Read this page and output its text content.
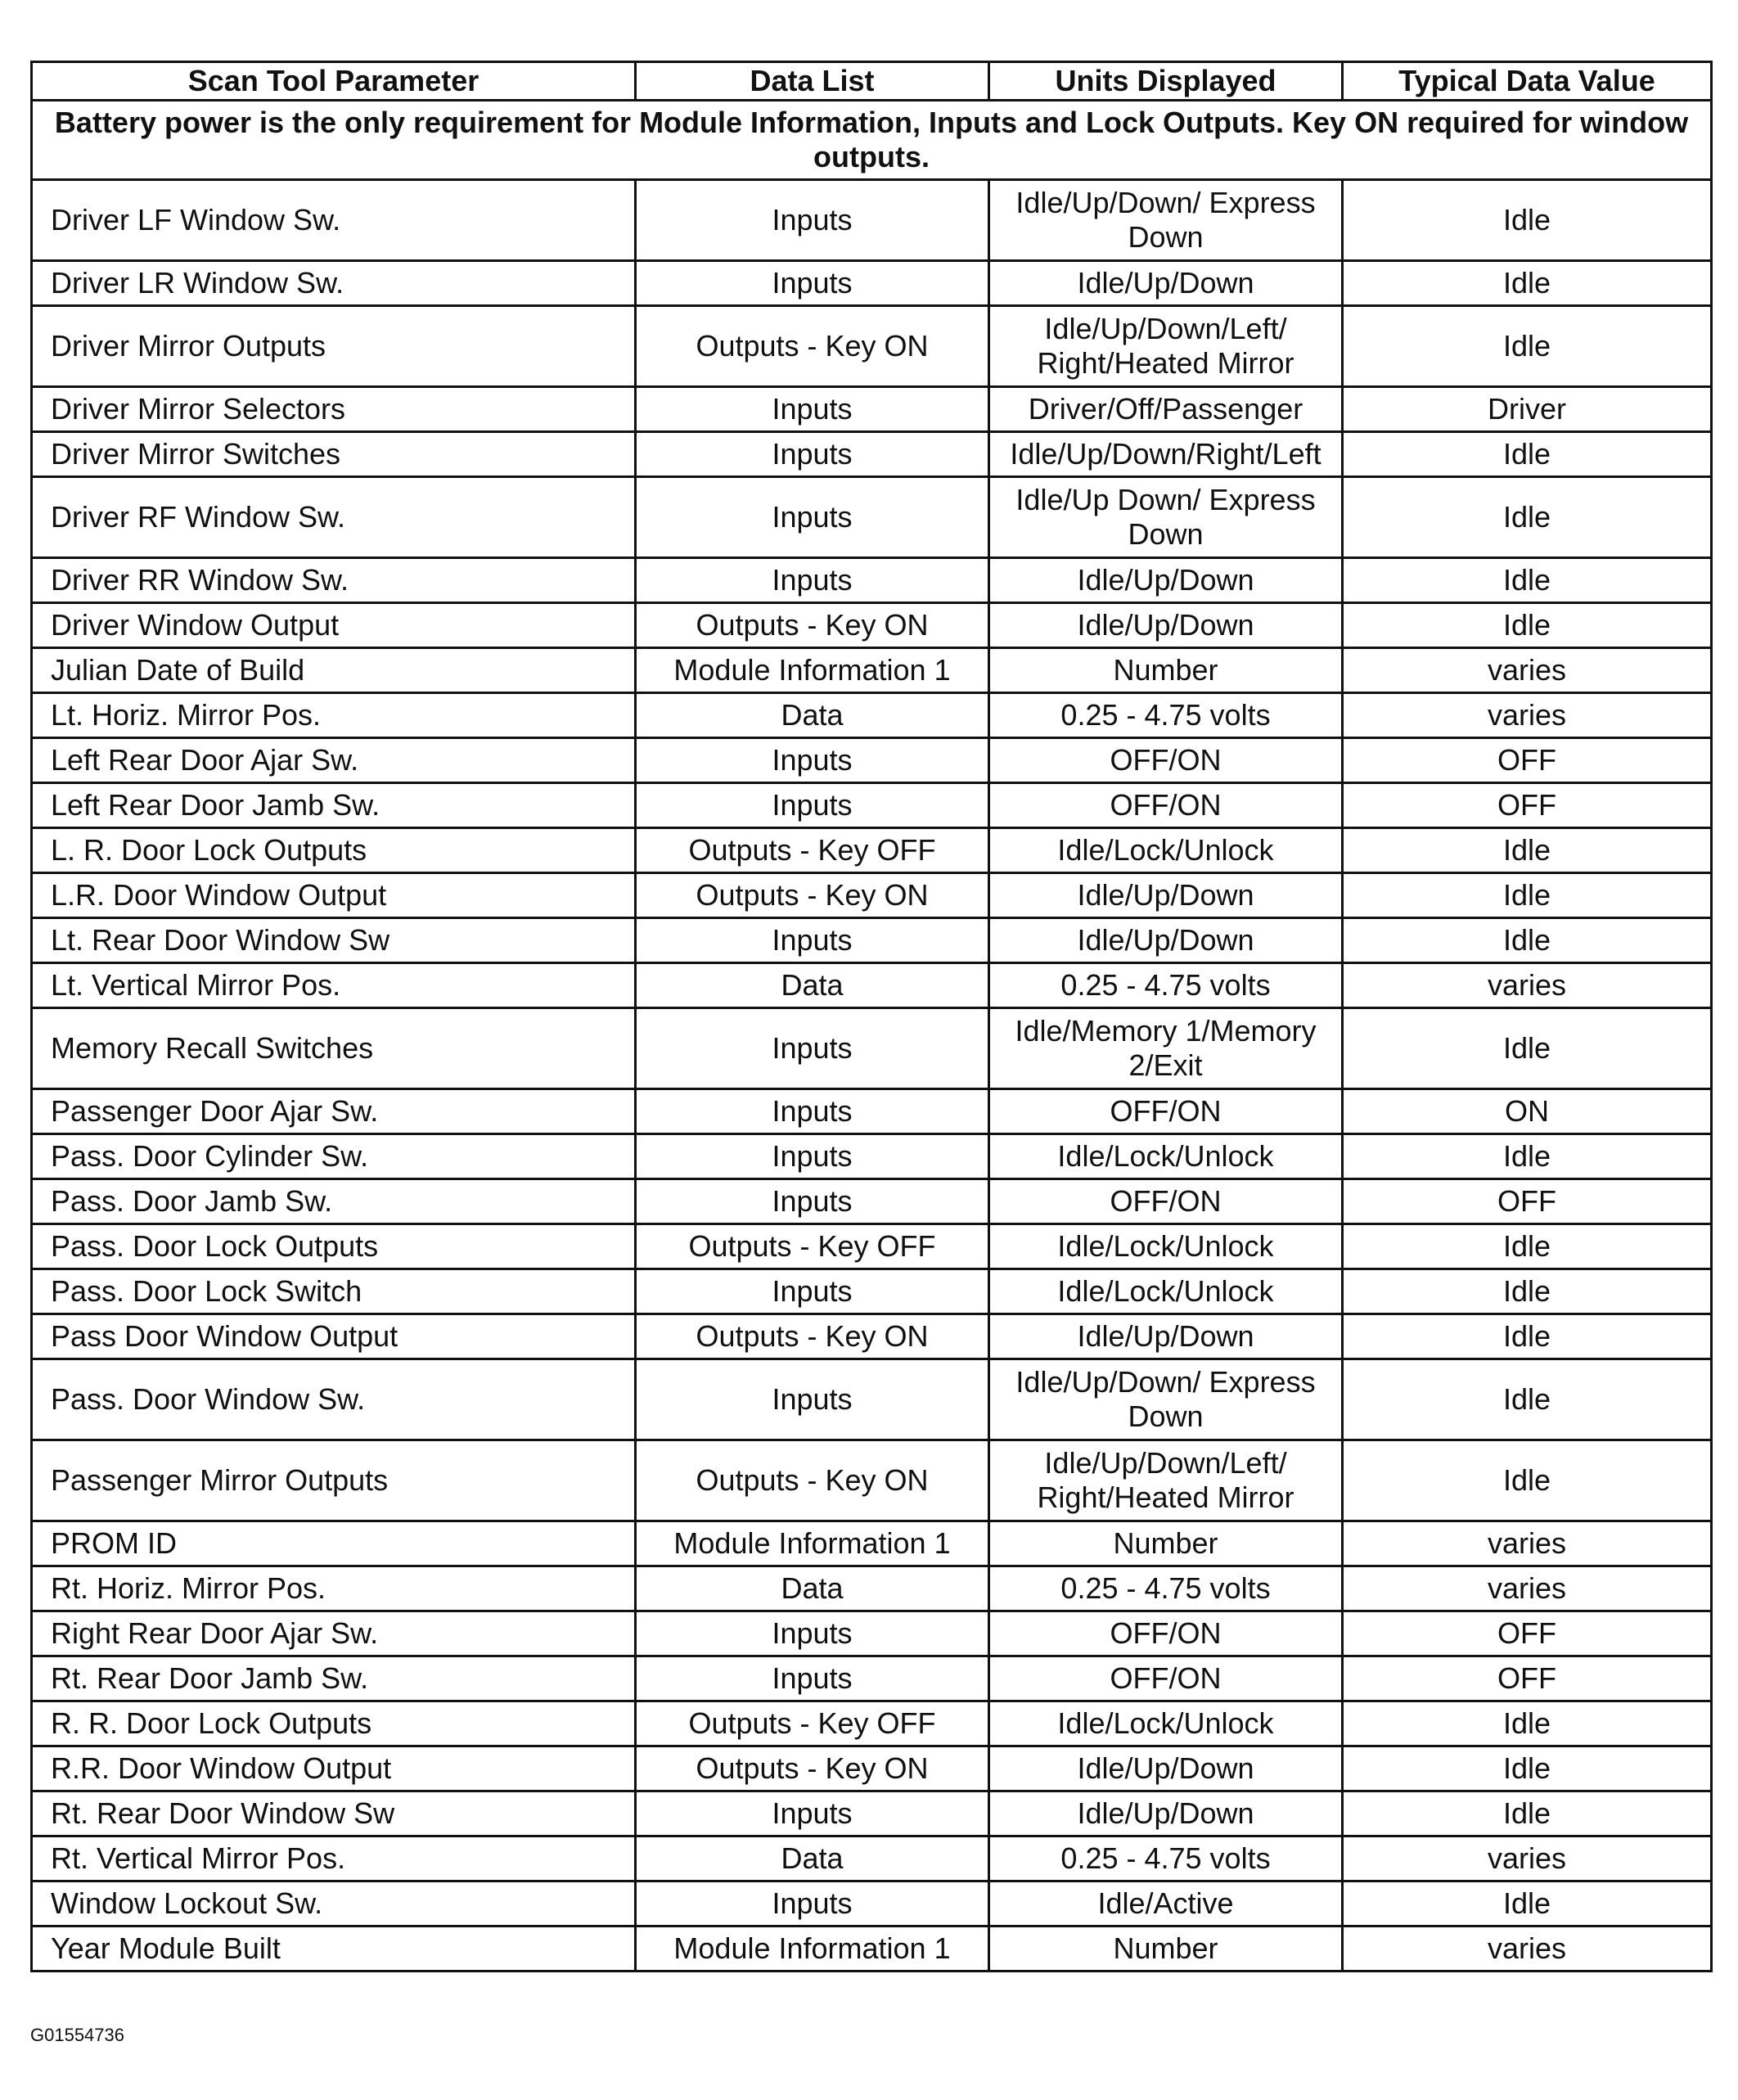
Scan Tool Parameter	Data List	Units Displayed	Typical Data Value
Battery power is the only requirement for Module Information, Inputs and Lock Outputs. Key ON required for window outputs.			
Driver LF Window Sw.	Inputs	Idle/Up/Down/ Express Down	Idle
Driver LR Window Sw.	Inputs	Idle/Up/Down	Idle
Driver Mirror Outputs	Outputs - Key ON	Idle/Up/Down/Left/ Right/Heated Mirror	Idle
Driver Mirror Selectors	Inputs	Driver/Off/Passenger	Driver
Driver Mirror Switches	Inputs	Idle/Up/Down/Right/Left	Idle
Driver RF Window Sw.	Inputs	Idle/Up Down/ Express Down	Idle
Driver RR Window Sw.	Inputs	Idle/Up/Down	Idle
Driver Window Output	Outputs - Key ON	Idle/Up/Down	Idle
Julian Date of Build	Module Information 1	Number	varies
Lt. Horiz. Mirror Pos.	Data	0.25 - 4.75 volts	varies
Left Rear Door Ajar Sw.	Inputs	OFF/ON	OFF
Left Rear Door Jamb Sw.	Inputs	OFF/ON	OFF
L. R. Door Lock Outputs	Outputs - Key OFF	Idle/Lock/Unlock	Idle
L.R. Door Window Output	Outputs - Key ON	Idle/Up/Down	Idle
Lt. Rear Door Window Sw	Inputs	Idle/Up/Down	Idle
Lt. Vertical Mirror Pos.	Data	0.25 - 4.75 volts	varies
Memory Recall Switches	Inputs	Idle/Memory 1/Memory 2/Exit	Idle
Passenger Door Ajar Sw.	Inputs	OFF/ON	ON
Pass. Door Cylinder Sw.	Inputs	Idle/Lock/Unlock	Idle
Pass. Door Jamb Sw.	Inputs	OFF/ON	OFF
Pass. Door Lock Outputs	Outputs - Key OFF	Idle/Lock/Unlock	Idle
Pass. Door Lock Switch	Inputs	Idle/Lock/Unlock	Idle
Pass Door Window Output	Outputs - Key ON	Idle/Up/Down	Idle
Pass. Door Window Sw.	Inputs	Idle/Up/Down/ Express Down	Idle
Passenger Mirror Outputs	Outputs - Key ON	Idle/Up/Down/Left/ Right/Heated Mirror	Idle
PROM ID	Module Information 1	Number	varies
Rt. Horiz. Mirror Pos.	Data	0.25 - 4.75 volts	varies
Right Rear Door Ajar Sw.	Inputs	OFF/ON	OFF
Rt. Rear Door Jamb Sw.	Inputs	OFF/ON	OFF
R. R. Door Lock Outputs	Outputs - Key OFF	Idle/Lock/Unlock	Idle
R.R. Door Window Output	Outputs - Key ON	Idle/Up/Down	Idle
Rt. Rear Door Window Sw	Inputs	Idle/Up/Down	Idle
Rt. Vertical Mirror Pos.	Data	0.25 - 4.75 volts	varies
Window Lockout Sw.	Inputs	Idle/Active	Idle
Year Module Built	Module Information 1	Number	varies
G01554736
